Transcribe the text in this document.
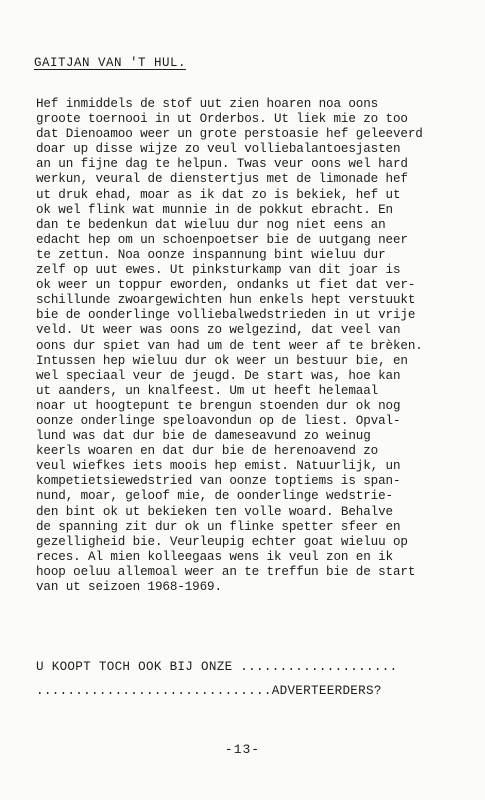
GAITJAN VAN 'T HUL.
Hef inmiddels de stof uut zien hoaren noa oons
groote toernooi in ut Orderbos. Ut liek mie zo too
dat Dienoamoo weer un grote perstoasie hef geleeverd
doar up disse wijze zo veul volliebalantoesjasten
an un fijne dag te helpun. Twas veur oons wel hard
werkun, veural de dienstertjus met de limonade hef
ut druk ehad, moar as ik dat zo is bekiek, hef ut
ok wel flink wat munnie in de pokkut ebracht. En
dan te bedenkun dat wieluu dur nog niet eens an
edacht hep om un schoenpoetser bie de uutgang neer
te zettun. Noa oonze inspannung bint wieluu dur
zelf op uut ewes. Ut pinksturkamp van dit joar is
ok weer un toppur eworden, ondanks ut fiet dat ver-
schillunde zwoargewichten hun enkels hept verstuukt
bie de oonderlinge volliebalwedstrieden in ut vrije
veld. Ut weer was oons zo welgezind, dat veel van
oons dur spiet van had um de tent weer af te brèken.
Intussen hep wieluu dur ok weer un bestuur bie, en
wel speciaal veur de jeugd. De start was, hoe kan
ut aanders, un knalfeest. Um ut heeft helemaal
noar ut hoogtepunt te brengun stoenden dur ok nog
oonze onderlinge speloavondun op de liest. Opval-
lund was dat dur bie de dameseavund zo weinug
keerls woaren en dat dur bie de herenoavend zo
veul wiefkes iets moois hep emist. Natuurlijk, un
kompetietsiewedstried van oonze toptiems is span-
nund, moar, geloof mie, de oonderlinge wedstrie-
den bint ok ut bekieken ten volle woard. Behalve
de spanning zit dur ok un flinke spetter sfeer en
gezelligheid bie. Veurleupig echter goat wieluu op
reces. Al mien kolleegaas wens ik veul zon en ik
hoop oeluu allemoal weer an te treffun bie de start
van ut seizoen 1968-1969.
U KOOPT TOCH OOK BIJ ONZE ....................
..............................ADVERTEERDERS?
-13-
